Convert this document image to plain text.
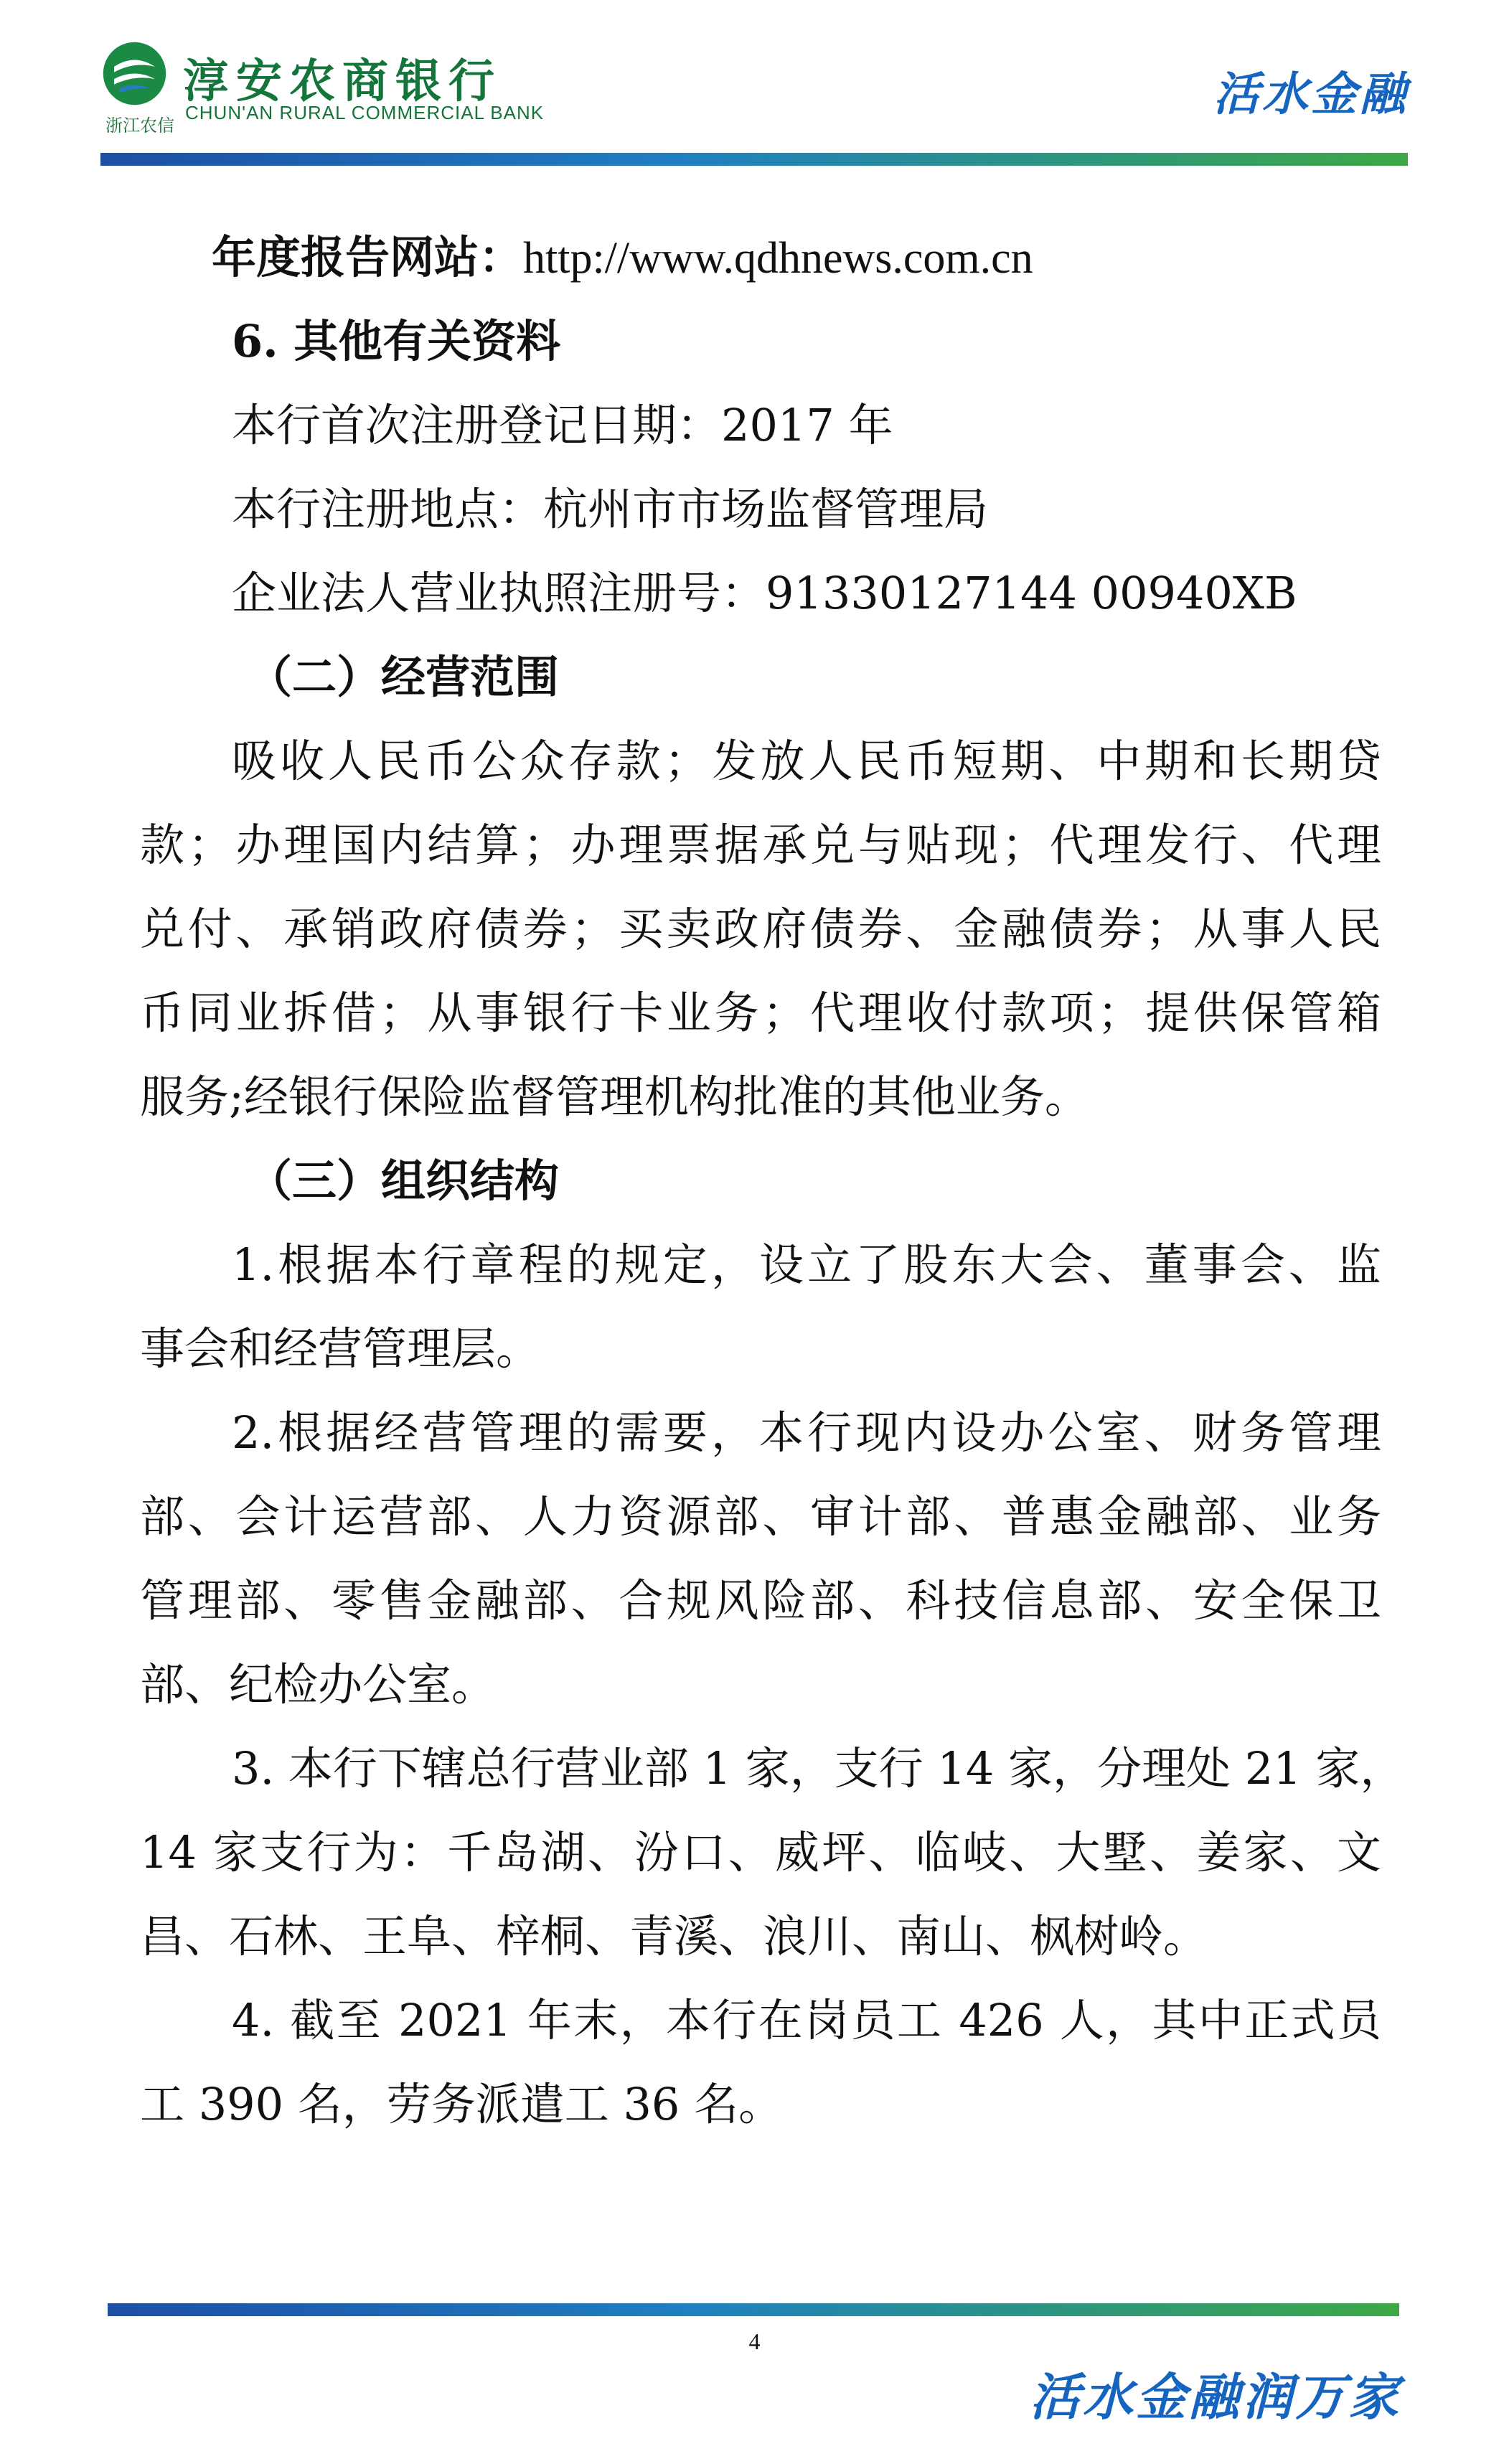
浙江农信
淳安农商银行
CHUN'AN RURAL COMMERCIAL BANK	活水金融
年度报告网站：http://www.qdhnews.com.cn
6. 其他有关资料
本行首次注册登记日期：2017 年
本行注册地点：杭州市市场监督管理局
企业法人营业执照注册号：91330127144 00940XB
（二）经营范围
吸收人民币公众存款；发放人民币短期、中期和长期贷
款；办理国内结算；办理票据承兑与贴现；代理发行、代理
兑付、承销政府债券；买卖政府债券、金融债券；从事人民
币同业拆借；从事银行卡业务；代理收付款项；提供保管箱
服务;经银行保险监督管理机构批准的其他业务。
（三）组织结构
1.根据本行章程的规定，设立了股东大会、董事会、监
事会和经营管理层。
2.根据经营管理的需要，本行现内设办公室、财务管理
部、会计运营部、人力资源部、审计部、普惠金融部、业务
管理部、零售金融部、合规风险部、科技信息部、安全保卫
部、纪检办公室。
3. 本行下辖总行营业部 1 家，支行 14 家，分理处 21 家，
14 家支行为：千岛湖、汾口、威坪、临岐、大墅、姜家、文
昌、石林、王阜、梓桐、青溪、浪川、南山、枫树岭。
4. 截至 2021 年末，本行在岗员工 426 人，其中正式员
工 390 名，劳务派遣工 36 名。
4
活水金融润万家
